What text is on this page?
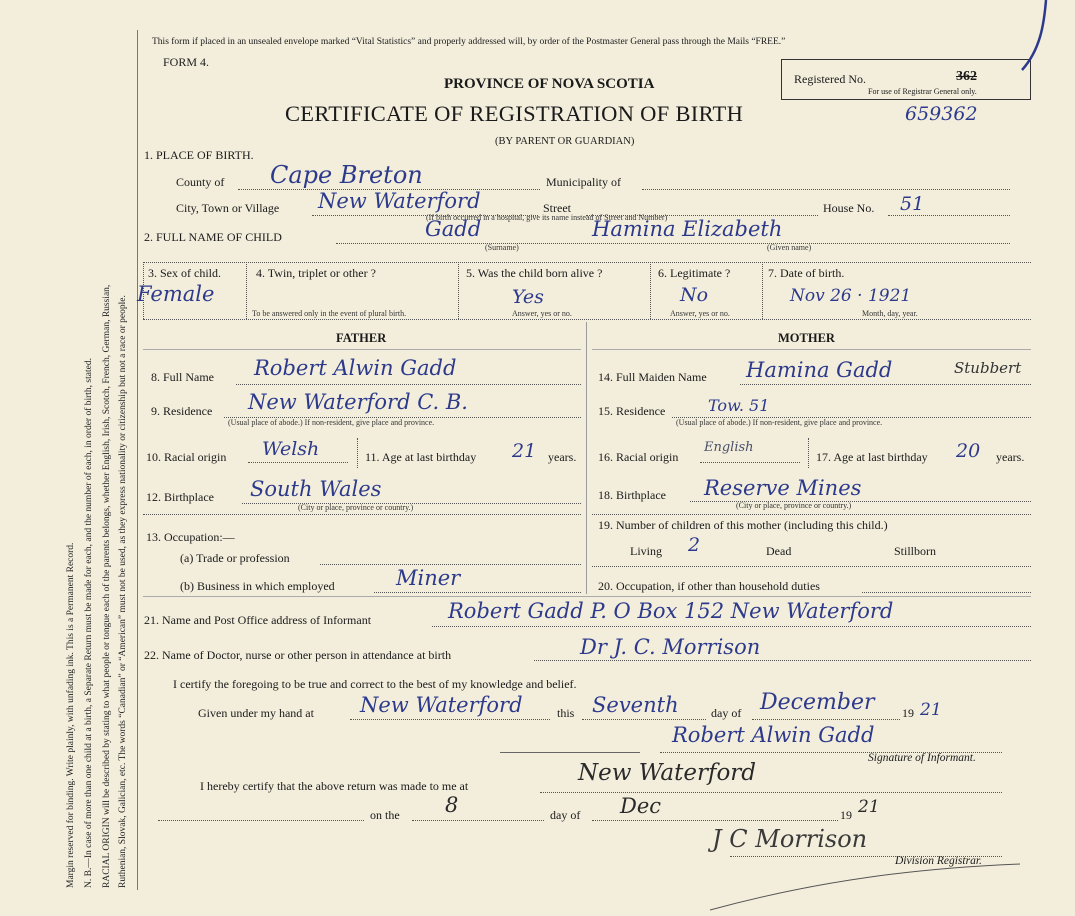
Margin reserved for binding. Write plainly, with unfading ink. This is a Permanent Record. N. B.—In case of more than one child at a birth, a Separate Return must be made for each, and the number of each, in order of birth, stated. RACIAL ORIGIN will be described by stating to what people or tongue each of the parents belongs, whether English, Irish, Scotch, French, German, Russian, Ruthenian, Slovak, Galician, etc. The words “Canadian” or “American” must not be used, as they express nationality or citizenship but not a race or people.
This form if placed in an unsealed envelope marked “Vital Statistics” and properly addressed will, by order of the Postmaster General pass through the Mails “FREE.”
FORM 4.
PROVINCE OF NOVA SCOTIA
CERTIFICATE OF REGISTRATION OF BIRTH
(BY PARENT OR GUARDIAN)
659362
Registered No.	362
For use of Registrar General only.
1. PLACE OF BIRTH.
County of Cape Breton	Municipality of
City, Town or Village New Waterford	Street	House No. 51
(If birth occurred in a hospital, give its name instead of Street and Number)
2. FULL NAME OF CHILD	Gadd	Hamina Elizabeth
(Surname)	(Given name)
3. Sex of child.
Female
4. Twin, triplet or other ?
To be answered only in the event of plural birth.
5. Was the child born alive ?
Yes
Answer, yes or no.
6. Legitimate ?
No
Answer, yes or no.
7. Date of birth.
Nov 26 · 1921
Month, day, year.
FATHER	MOTHER
8. Full Name Robert Alwin Gadd
9. Residence New Waterford C. B.
(Usual place of abode.) If non-resident, give place and province.
10. Racial origin Welsh	11. Age at last birthday 21 years.
12. Birthplace South Wales
(City or place, province or country.)
13. Occupation:—
(a) Trade or profession
(b) Business in which employed	Miner
14. Full Maiden Name Hamina Gadd	Stubbert
15. Residence	Tow. 51
(Usual place of abode.) If non-resident, give place and province.
16. Racial origin
English
17. Age at last birthday 20 years.
18. Birthplace Reserve Mines
(City or place, province or country.)
19. Number of children of this mother (including this child.)
Living 2	Dead	Stillborn
20. Occupation, if other than household duties
21. Name and Post Office address of Informant	Robert Gadd P. O Box 152 New Waterford
22. Name of Doctor, nurse or other person in attendance at birth	Dr J. C. Morrison
I certify the foregoing to be true and correct to the best of my knowledge and belief.
Given under my hand at New Waterford	this Seventh	day of December 19 21
Robert Alwin Gadd
Signature of Informant.
I hereby certify that the above return was made to me at	New Waterford
on the 8	day of Dec	19 21
J C Morrison
Division Registrar.
